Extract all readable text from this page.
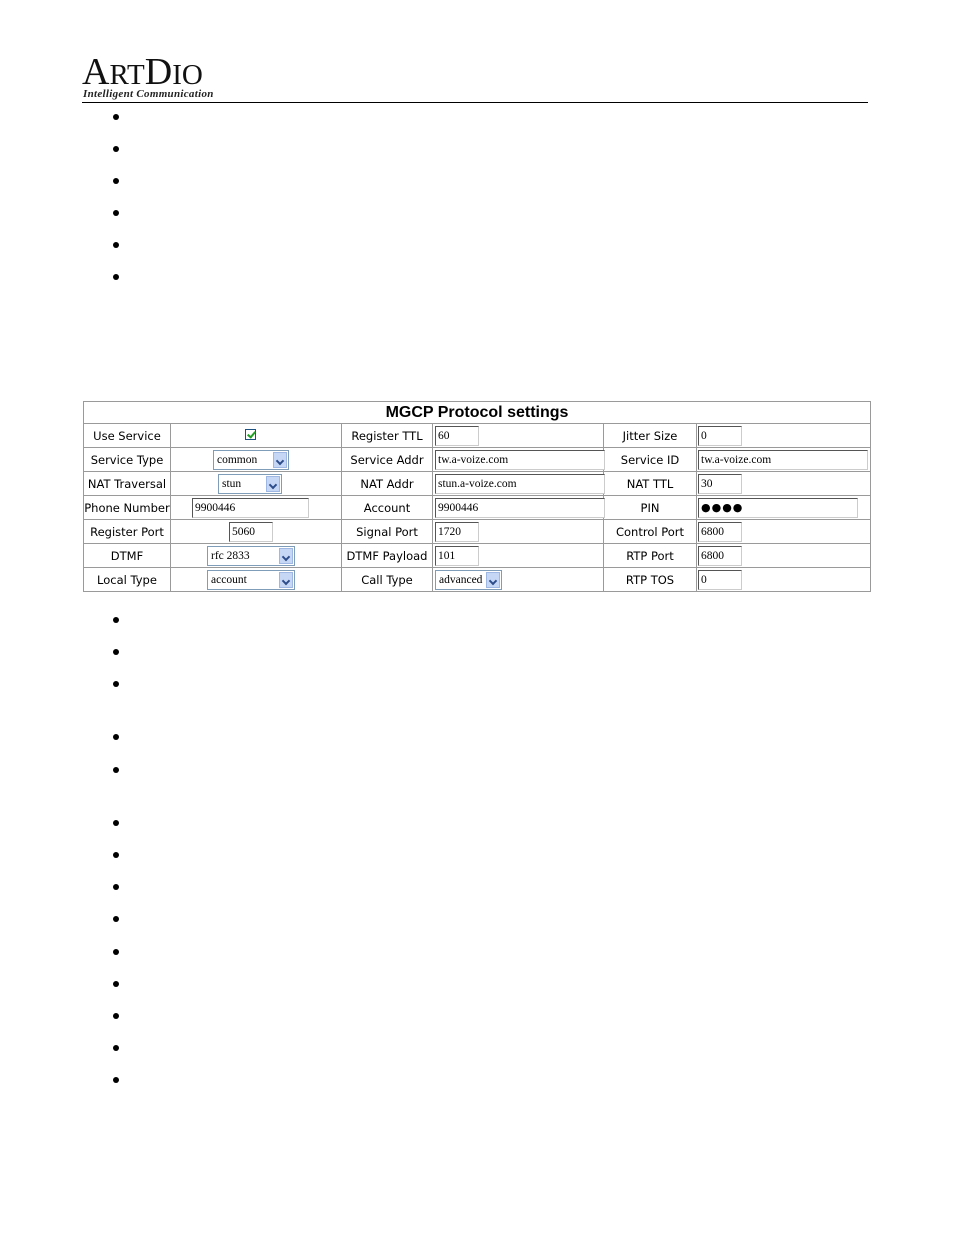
ARTDIO
Intelligent Communication
MGCP Protocol settings					
Use Service		Register TTL	60	Jitter Size	0

Service Type	common	Service Addr	tw.a-voize.com	Service ID	tw.a-voize.com

NAT Traversal	stun	NAT Addr	stun.a-voize.com	NAT TTL	30

Phone Number	9900446	Account	9900446	PIN	●●●●

Register Port	5060	Signal Port	1720	Control Port	6800

DTMF	rfc 2833	DTMF Payload	101	RTP Port	6800

Local Type	account	Call Type	advanced	RTP TOS	0
